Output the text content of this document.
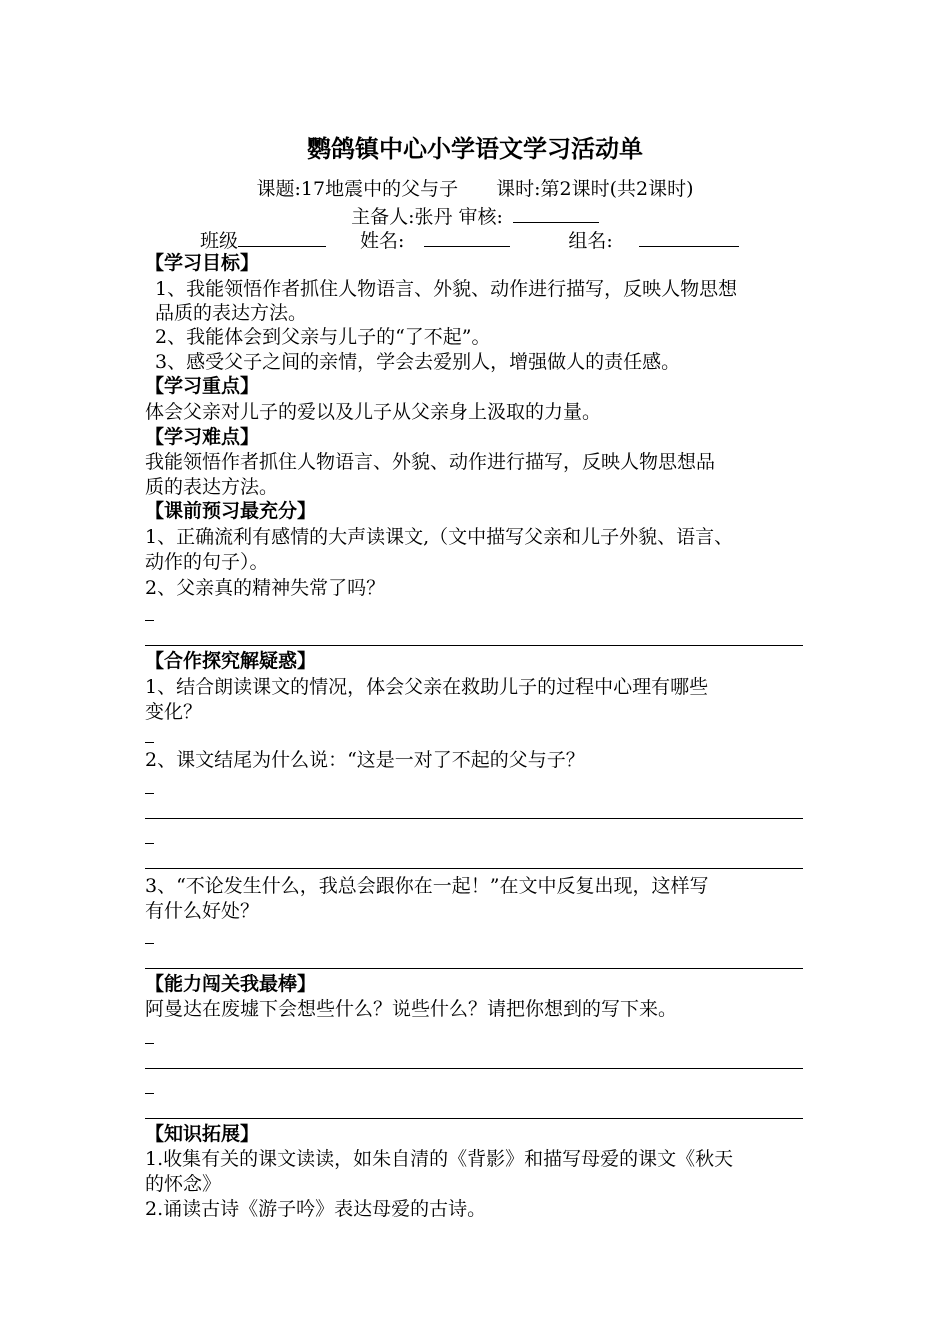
鹦鸽镇中心小学语文学习活动单
课题:17地震中的父与子　　课时:第2课时(共2课时)
主备人:张丹 审核:
班级	姓名:	组名:
【学习目标】
1、我能领悟作者抓住人物语言、外貌、动作进行描写，反映人物思想
品质的表达方法。
2、我能体会到父亲与儿子的“了不起”。
3、感受父子之间的亲情，学会去爱别人，增强做人的责任感。
【学习重点】
体会父亲对儿子的爱以及儿子从父亲身上汲取的力量。
【学习难点】
我能领悟作者抓住人物语言、外貌、动作进行描写，反映人物思想品
质的表达方法。
【课前预习最充分】
1、正确流利有感情的大声读课文,（文中描写父亲和儿子外貌、语言、
动作的句子）。
2、父亲真的精神失常了吗？
【合作探究解疑惑】
1、结合朗读课文的情况，体会父亲在救助儿子的过程中心理有哪些
变化？
2、课文结尾为什么说：“这是一对了不起的父与子？
3、“不论发生什么，我总会跟你在一起！”在文中反复出现，这样写
有什么好处？
【能力闯关我最棒】
阿曼达在废墟下会想些什么？说些什么？请把你想到的写下来。
【知识拓展】
1.收集有关的课文读读，如朱自清的《背影》和描写母爱的课文《秋天
的怀念》
2.诵读古诗《游子吟》表达母爱的古诗。
